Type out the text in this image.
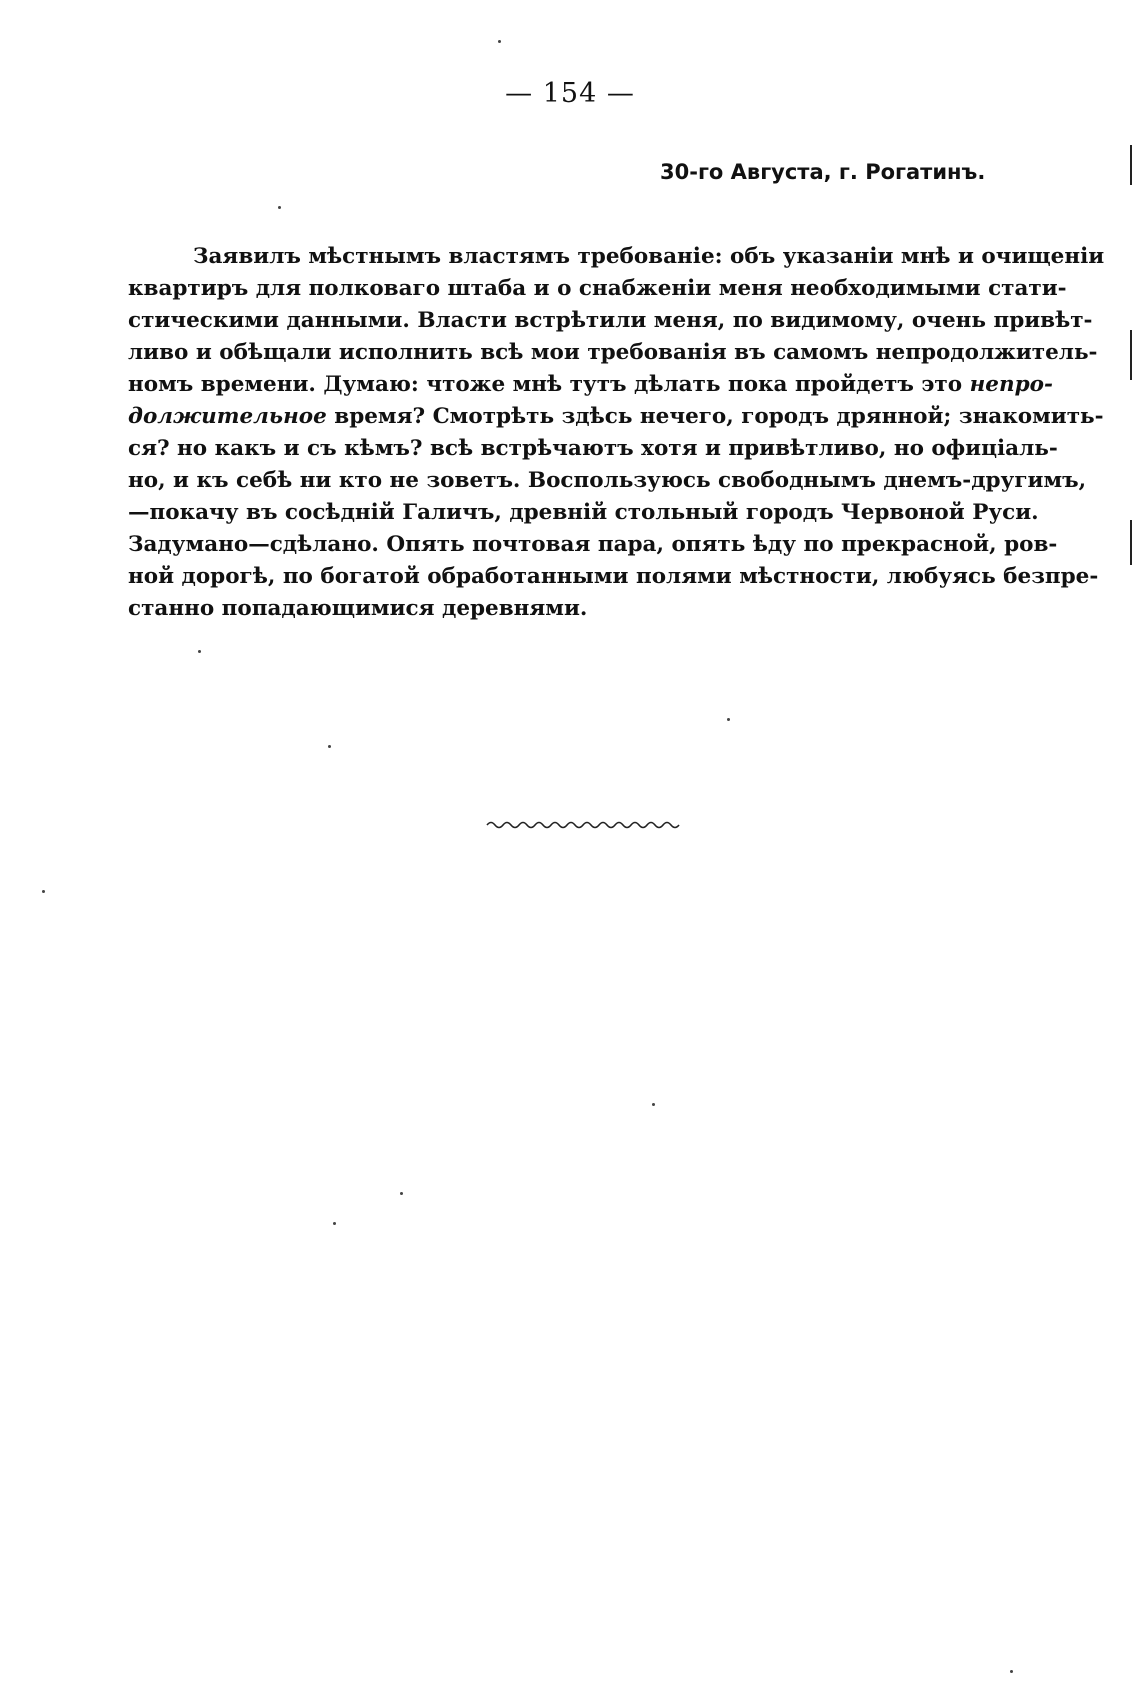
— 154 —
30-го Августа, г. Рогатинъ.
Заявилъ мѣстнымъ властямъ требованіе: объ указаніи мнѣ и очищеніи
квартиръ для полковаго штаба и о снабженіи меня необходимыми стати-
стическими данными. Власти встрѣтили меня, по видимому, очень привѣт-
ливо и обѣщали исполнить всѣ мои требованія въ самомъ непродолжитель-
номъ времени. Думаю: чтоже мнѣ тутъ дѣлать пока пройдетъ это непро-
должительное время? Смотрѣть здѣсь нечего, городъ дрянной; знакомить-
ся? но какъ и съ кѣмъ? всѣ встрѣчаютъ хотя и привѣтливо, но офиціаль-
но, и къ себѣ ни кто не зоветъ. Воспользуюсь свободнымъ днемъ-другимъ,
—покачу въ сосѣдній Галичъ, древній стольный городъ Червоной Руси.
Задумано—сдѣлано. Опять почтовая пара, опять ѣду по прекрасной, ров-
ной дорогѣ, по богатой обработанными полями мѣстности, любуясь безпре-
станно попадающимися деревнями.
